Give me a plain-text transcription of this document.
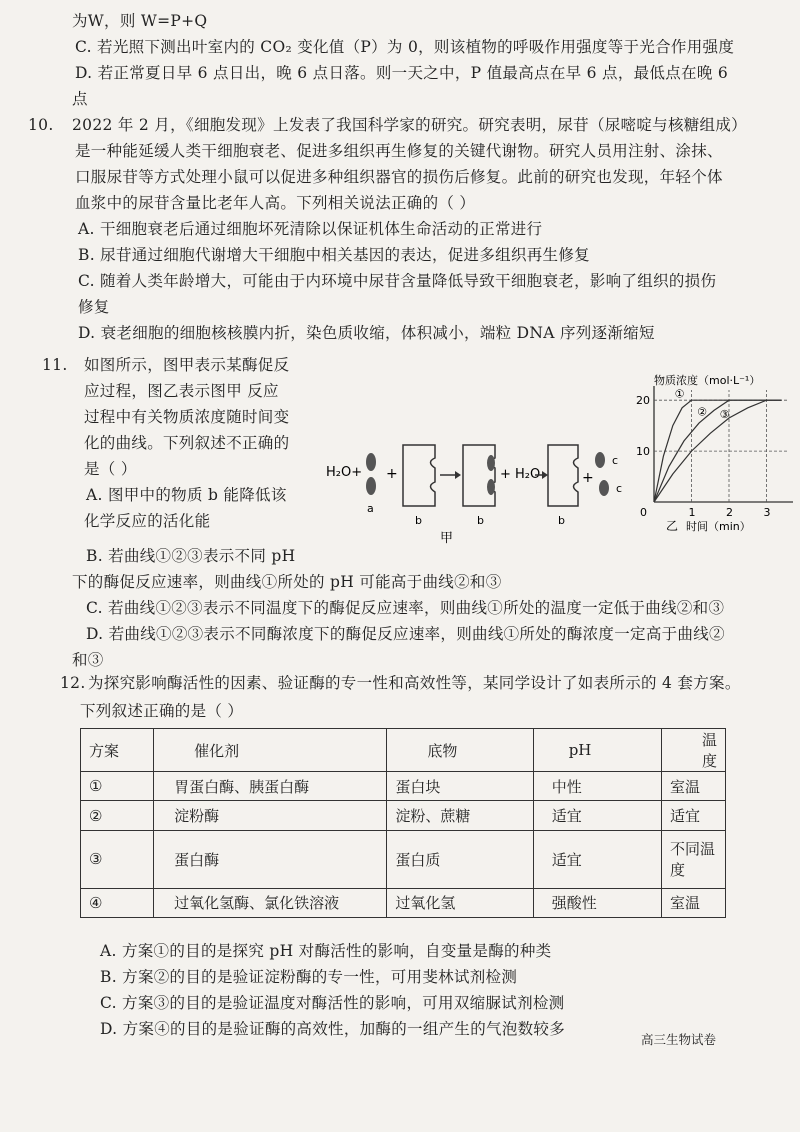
为W，则 W=P+Q
C. 若光照下测出叶室内的 CO₂ 变化值（P）为 0，则该植物的呼吸作用强度等于光合作用强度
D. 若正常夏日早 6 点日出，晚 6 点日落。则一天之中，P 值最高点在早 6 点，最低点在晚 6
点
10. 2022 年 2 月，《细胞发现》上发表了我国科学家的研究。研究表明，尿苷（尿嘧啶与核糖组成）
是一种能延缓人类干细胞衰老、促进多组织再生修复的关键代谢物。研究人员用注射、涂抹、
口服尿苷等方式处理小鼠可以促进多种组织器官的损伤后修复。此前的研究也发现，年轻个体
血浆中的尿苷含量比老年人高。下列相关说法正确的（ ）
A. 干细胞衰老后通过细胞坏死清除以保证机体生命活动的正常进行
B. 尿苷通过细胞代谢增大干细胞中相关基因的表达，促进多组织再生修复
C. 随着人类年龄增大，可能由于内环境中尿苷含量降低导致干细胞衰老，影响了组织的损伤
修复
D. 衰老细胞的细胞核核膜内折，染色质收缩，体积减小，端粒 DNA 序列逐渐缩短
11. 如图所示，图甲表示某酶促反
应过程，图乙表示图甲 反应
过程中有关物质浓度随时间变
化的曲线。下列叙述不正确的
是（ ）
A. 图甲中的物质 b 能降低该
化学反应的活化能
B. 若曲线①②③表示不同 pH
下的酶促反应速率，则曲线①所处的 pH 可能高于曲线②和③
C. 若曲线①②③表示不同温度下的酶促反应速率，则曲线①所处的温度一定低于曲线②和③
D. 若曲线①②③表示不同酶浓度下的酶促反应速率，则曲线①所处的酶浓度一定高于曲线②
和③
H₂O+
a
+
b	b
+ H₂O
b
+
c
c
甲
物质浓度（mol·L⁻¹）
10
20
0	1	2	3
①
② ③
乙 时间（min）
12. 为探究影响酶活性的因素、验证酶的专一性和高效性等，某同学设计了如表所示的 4 套方案。
下列叙述正确的是（ ）
方案	催化剂	底物	pH	温度
①	胃蛋白酶、胰蛋白酶	蛋白块	中性	室温
②	淀粉酶	淀粉、蔗糖	适宜	适宜
③	蛋白酶	蛋白质	适宜	不同温度
④	过氧化氢酶、氯化铁溶液	过氧化氢	强酸性	室温
A. 方案①的目的是探究 pH 对酶活性的影响，自变量是酶的种类
B. 方案②的目的是验证淀粉酶的专一性，可用斐林试剂检测
C. 方案③的目的是验证温度对酶活性的影响，可用双缩脲试剂检测
D. 方案④的目的是验证酶的高效性，加酶的一组产生的气泡数较多
高三生物试卷
